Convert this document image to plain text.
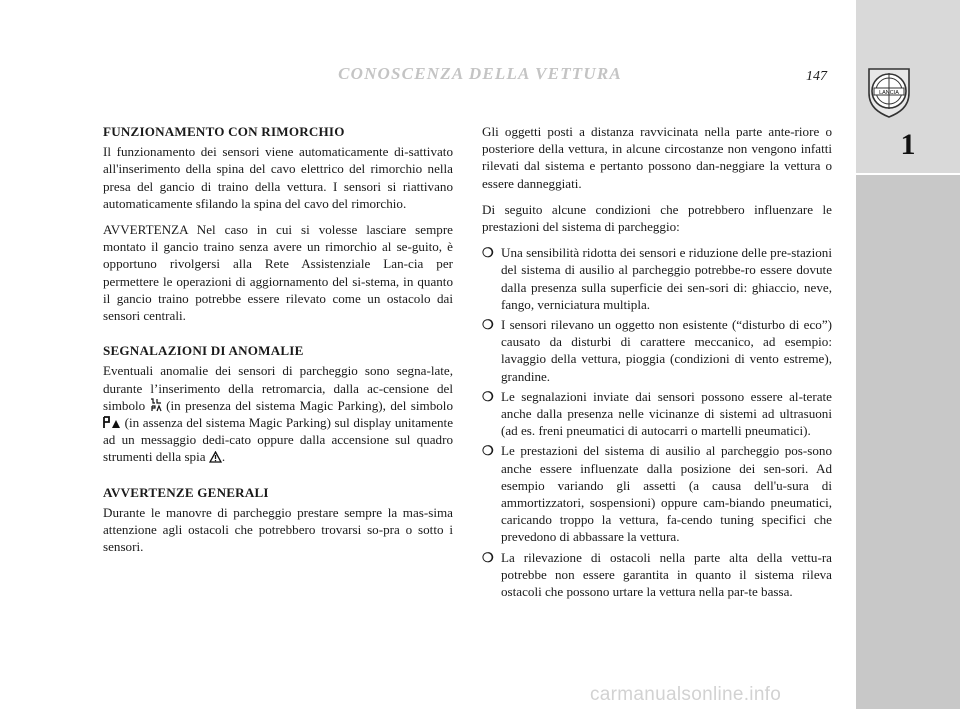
LANCIA
1
CONOSCENZA DELLA VETTURA	147
FUNZIONAMENTO CON RIMORCHIO

Il funzionamento dei sensori viene automaticamente di-sattivato all'inserimento della spina del cavo elettrico del rimorchio nella presa del gancio di traino della vettura. I sensori si riattivano automaticamente sfilando la spina del cavo del rimorchio.

AVVERTENZA Nel caso in cui si volesse lasciare sempre montato il gancio traino senza avere un rimorchio al se-guito, è opportuno rivolgersi alla Rete Assistenziale Lan-cia per permettere le operazioni di aggiornamento del si-stema, in quanto il gancio traino potrebbe essere rilevato come un ostacolo dai sensori centrali.

SEGNALAZIONI DI ANOMALIE

Eventuali anomalie dei sensori di parcheggio sono segna-late, durante l’inserimento della retromarcia, dalla ac-censione del simbolo (in presenza del sistema Magic Parking), del simbolo  (in assenza del sistema Magic Parking) sul display unitamente ad un messaggio dedi-cato oppure dalla accensione sul quadro strumenti della spia .

AVVERTENZE GENERALI

Durante le manovre di parcheggio prestare sempre la mas-sima attenzione agli ostacoli che potrebbero trovarsi so-pra o sotto i sensori.

Gli oggetti posti a distanza ravvicinata nella parte ante-riore o posteriore della vettura, in alcune circostanze non vengono infatti rilevati dal sistema e pertanto possono dan-neggiare la vettura o essere danneggiati.

Di seguito alcune condizioni che potrebbero influenzare le prestazioni del sistema di parcheggio:

❍ Una sensibilità ridotta dei sensori e riduzione delle pre-stazioni del sistema di ausilio al parcheggio potrebbe-ro essere dovute dalla presenza sulla superficie dei sen-sori di: ghiaccio, neve, fango, verniciatura multipla.
❍ I sensori rilevano un oggetto non esistente (“disturbo di eco”) causato da disturbi di carattere meccanico, ad esempio: lavaggio della vettura, pioggia (condizioni di vento estreme), grandine.
❍ Le segnalazioni inviate dai sensori possono essere al-terate anche dalla presenza nelle vicinanze di sistemi ad ultrasuoni (ad es. freni pneumatici di autocarri o martelli pneumatici).
❍ Le prestazioni del sistema di ausilio al parcheggio pos-sono anche essere influenzate dalla posizione dei sen-sori. Ad esempio variando gli assetti (a causa dell'u-sura di ammortizzatori, sospensioni) oppure cam-biando pneumatici, caricando troppo la vettura, fa-cendo tuning specifici che prevedono di abbassare la vettura.
❍ La rilevazione di ostacoli nella parte alta della vettu-ra potrebbe non essere garantita in quanto il sistema rileva ostacoli che possono urtare la vettura nella par-te bassa.
carmanualsonline.info
